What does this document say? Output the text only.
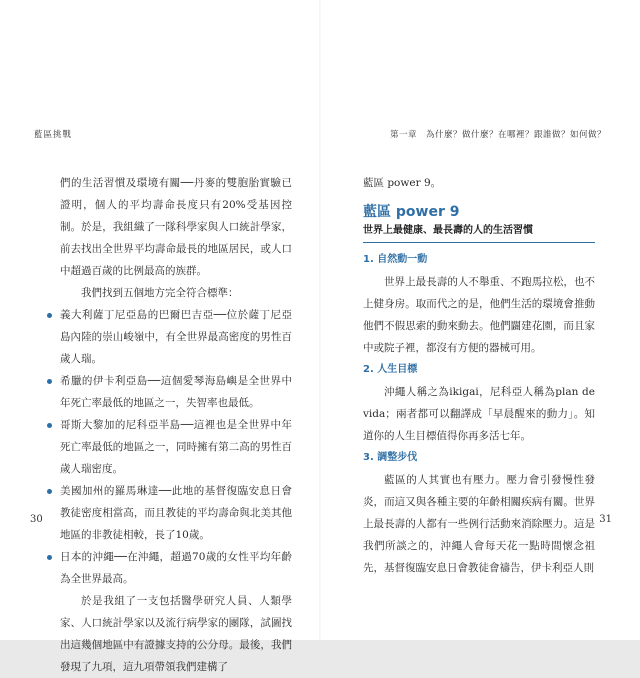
藍區挑戰

們的生活習慣及環境有關──丹麥的雙胞胎實驗已證明，個人的平均壽命長度只有20%受基因控制。於是，我組織了一隊科學家與人口統計學家，前去找出全世界平均壽命最長的地區居民，或人口中超過百歲的比例最高的族群。

我們找到五個地方完全符合標準：

義大利薩丁尼亞島的巴爾巴吉亞──位於薩丁尼亞島內陸的崇山峻嶺中，有全世界最高密度的男性百歲人瑞。
希臘的伊卡利亞島──這個愛琴海島嶼是全世界中年死亡率最低的地區之一，失智率也最低。
哥斯大黎加的尼科亞半島──這裡也是全世界中年死亡率最低的地區之一，同時擁有第二高的男性百歲人瑞密度。
美國加州的羅馬琳達──此地的基督復臨安息日會教徒密度相當高，而且教徒的平均壽命與北美其他地區的非教徒相較，長了10歲。
日本的沖繩──在沖繩，超過70歲的女性平均年齡為全世界最高。

於是我組了一支包括醫學研究人員、人類學家、人口統計學家以及流行病學家的團隊，試圖找出這幾個地區中有證據支持的公分母。最後，我們發現了九項，這九項帶領我們建構了

30
第一章　為什麼？做什麼？在哪裡？跟誰做？如何做？

藍區 power 9。

藍區 power 9
世界上最健康、最長壽的人的生活習慣
1. 自然動一動

世界上最長壽的人不舉重、不跑馬拉松，也不上健身房。取而代之的是，他們生活的環境會推動他們不假思索的動來動去。他們闢建花園，而且家中或院子裡，都沒有方便的器械可用。

2. 人生目標

沖繩人稱之為ikigai，尼科亞人稱為plan de vida；兩者都可以翻譯成「早晨醒來的動力」。知道你的人生目標值得你再多活七年。

3. 調整步伐

藍區的人其實也有壓力。壓力會引發慢性發炎，而這又與各種主要的年齡相關疾病有關。世界上最長壽的人都有一些例行活動來消除壓力。這是我們所談之的，沖繩人會每天花一點時間懷念祖先，基督復臨安息日會教徒會禱告，伊卡利亞人則

31
